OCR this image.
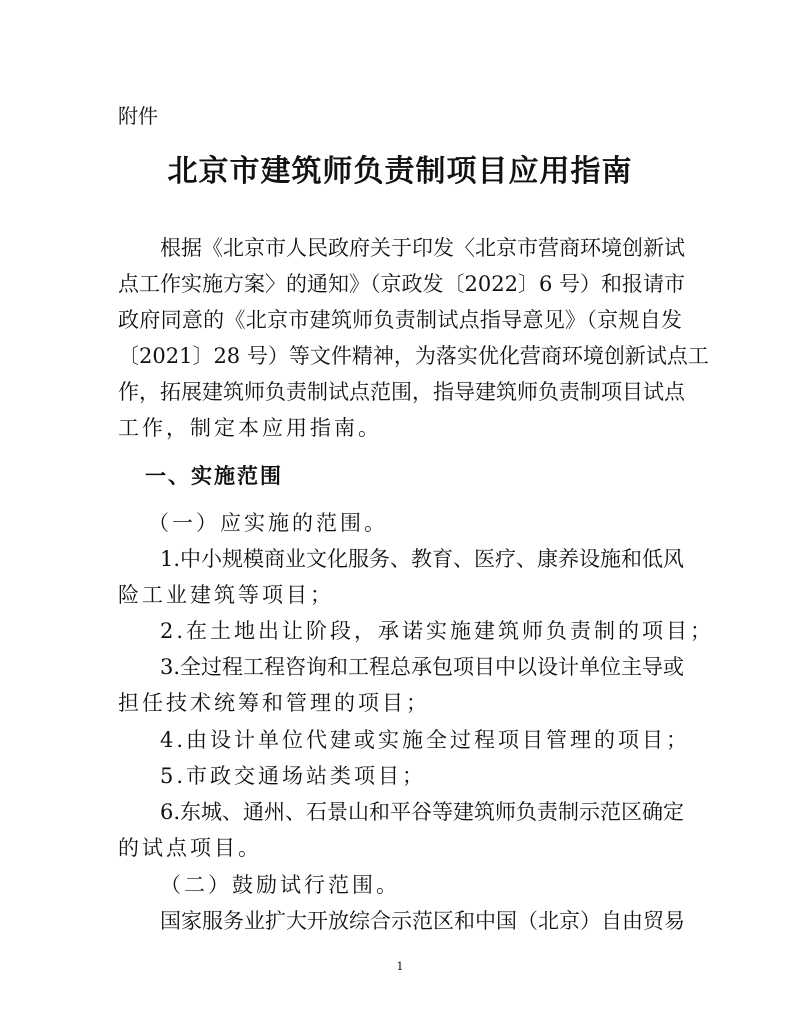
附件
北京市建筑师负责制项目应用指南
根据《北京市人民政府关于印发〈北京市营商环境创新试
点工作实施方案〉的通知》（京政发〔2022〕6 号）和报请市
政府同意的《北京市建筑师负责制试点指导意见》（京规自发
〔2021〕28 号）等文件精神，为落实优化营商环境创新试点工
作，拓展建筑师负责制试点范围，指导建筑师负责制项目试点
工作，制定本应用指南。
一、实施范围
（一）应实施的范围。
1.中小规模商业文化服务、教育、医疗、康养设施和低风
险工业建筑等项目；
2.在土地出让阶段，承诺实施建筑师负责制的项目；
3.全过程工程咨询和工程总承包项目中以设计单位主导或
担任技术统筹和管理的项目；
4.由设计单位代建或实施全过程项目管理的项目；
5.市政交通场站类项目；
6.东城、通州、石景山和平谷等建筑师负责制示范区确定
的试点项目。
（二）鼓励试行范围。
国家服务业扩大开放综合示范区和中国（北京）自由贸易
1
